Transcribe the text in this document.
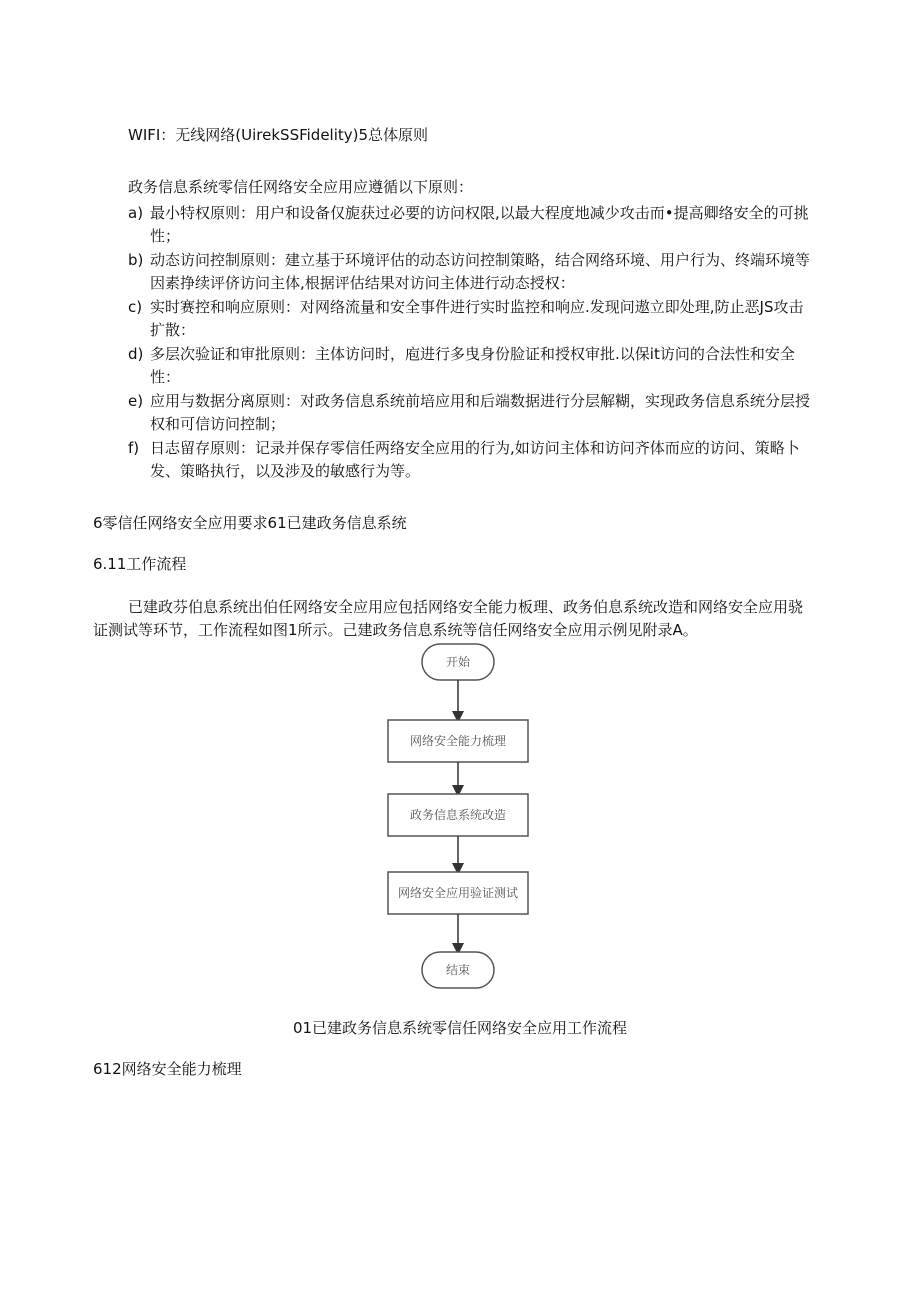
WIFI：无线网络(UirekSSFidelity)5总体原则
政务信息系统零信任网络安全应用应遵循以下原则：
a) 最小特权原则：用户和设备仅旎获过必要的访问权限,以最大程度地减少攻击而•提高卿络安全的可挑
性；
b) 动态访问控制原则：建立基于环境评估的动态访问控制策略，结合网络环境、用户行为、终端环境等
因素挣续评侪访问主体,根据评估结果对访问主体进行动态授权：
c) 实时赛控和响应原则：对网络流量和安全事件进行实时监控和响应.发现问遨立即处理,防止恶JS攻击
扩散：
d) 多层次验证和审批原则：主体访问时，庖进行多曳身份脸证和授权审批.以保it访问的合法性和安全
性：
e) 应用与数据分离原则：对政务信息系统前培应用和后端数据进行分层解糊，实现政务信息系统分层授
权和可信访问控制；
f) 日志留存原则：记录并保存零信任两络安全应用的行为,如访问主体和访问齐体而应的访问、策略卜
发、策略执行，以及涉及的敏感行为等。
6零信任网络安全应用要求61已建政务信息系统
6.11工作流程
已建政芬伯息系统出伯任网络安全应用应包括网络安全能力板理、政务伯息系统改造和网络安全应用骁
证测试等环节，工作流程如图1所示。己建政务信息系统等信任网络安全应用示例见附录A。
开始
网络安全能力梳理
政务信息系统改造
网络安全应用验证测试
结束
01已建政务信息系统零信任网络安全应用工作流程
612网络安全能力梳理
